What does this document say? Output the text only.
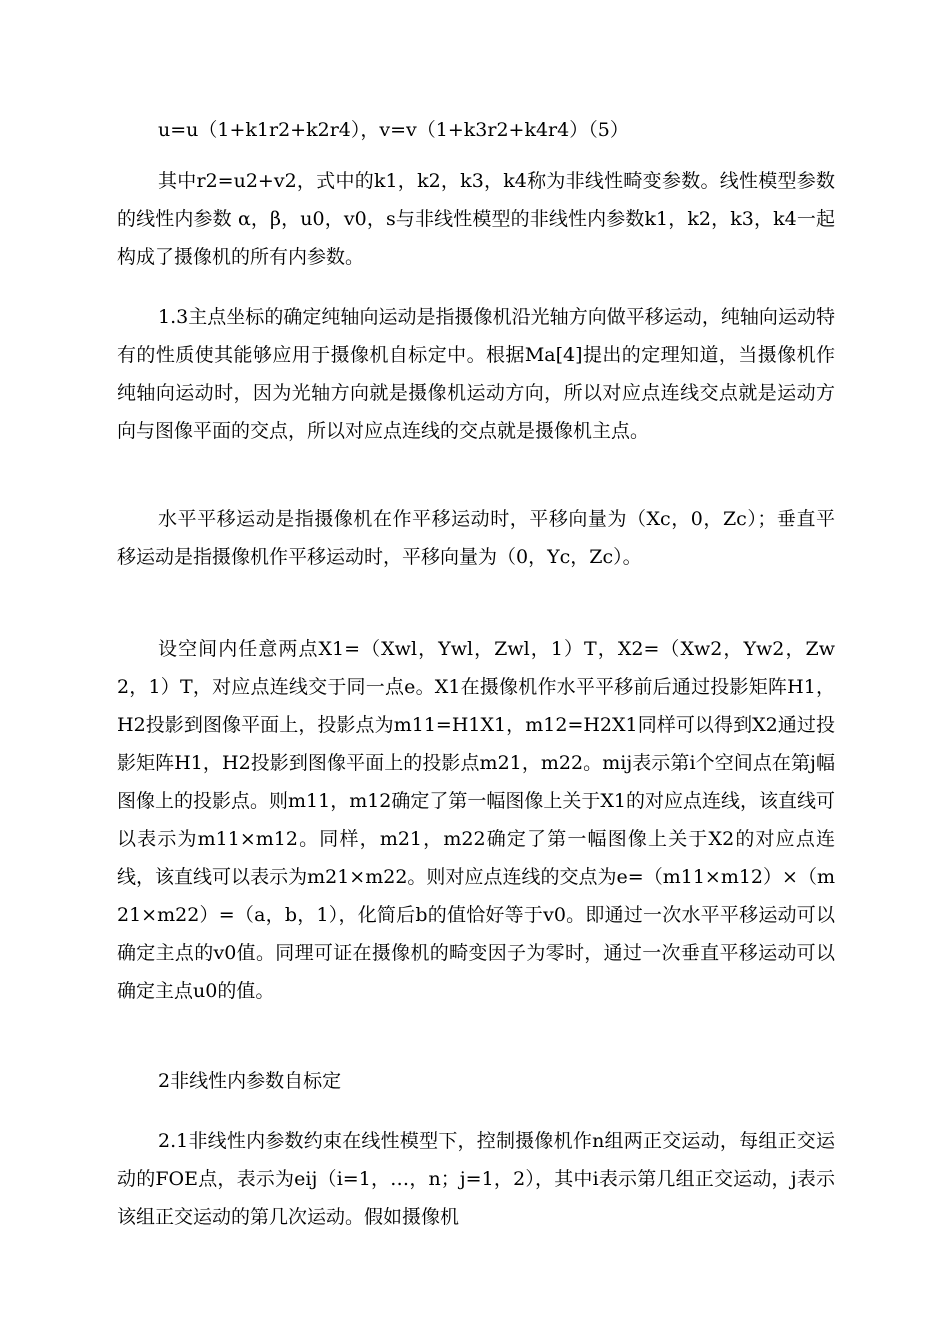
u=u（1+k1r2+k2r4），v=v（1+k3r2+k4r4）（5）

其中r2=u2+v2，式中的k1，k2，k3，k4称为非线性畸变参数。线性模型参数的线性内参数 α，β，u0，v0，s与非线性模型的非线性内参数k1，k2，k3，k4一起构成了摄像机的所有内参数。

1.3主点坐标的确定纯轴向运动是指摄像机沿光轴方向做平移运动，纯轴向运动特有的性质使其能够应用于摄像机自标定中。根据Ma[4]提出的定理知道，当摄像机作纯轴向运动时，因为光轴方向就是摄像机运动方向，所以对应点连线交点就是运动方向与图像平面的交点，所以对应点连线的交点就是摄像机主点。

水平平移运动是指摄像机在作平移运动时，平移向量为（Xc，0，Zc）；垂直平移运动是指摄像机作平移运动时，平移向量为（0，Yc，Zc）。

设空间内任意两点X1=（Xwl，Ywl，Zwl，1）T，X2=（Xw2，Yw2，Zw2，1）T，对应点连线交于同一点e。X1在摄像机作水平平移前后通过投影矩阵H1，H2投影到图像平面上，投影点为m11=H1X1，m12=H2X1同样可以得到X2通过投影矩阵H1，H2投影到图像平面上的投影点m21，m22。mij表示第i个空间点在第j幅图像上的投影点。则m11，m12确定了第一幅图像上关于X1的对应点连线，该直线可以表示为m11×m12。同样，m21，m22确定了第一幅图像上关于X2的对应点连线，该直线可以表示为m21×m22。则对应点连线的交点为e=（m11×m12）×（m21×m22）=（a，b，1），化简后b的值恰好等于v0。即通过一次水平平移运动可以确定主点的v0值。同理可证在摄像机的畸变因子为零时，通过一次垂直平移运动可以确定主点u0的值。

2非线性内参数自标定

2.1非线性内参数约束在线性模型下，控制摄像机作n组两正交运动，每组正交运动的FOE点，表示为eij（i=1，…，n；j=1，2），其中i表示第几组正交运动，j表示该组正交运动的第几次运动。假如摄像机
